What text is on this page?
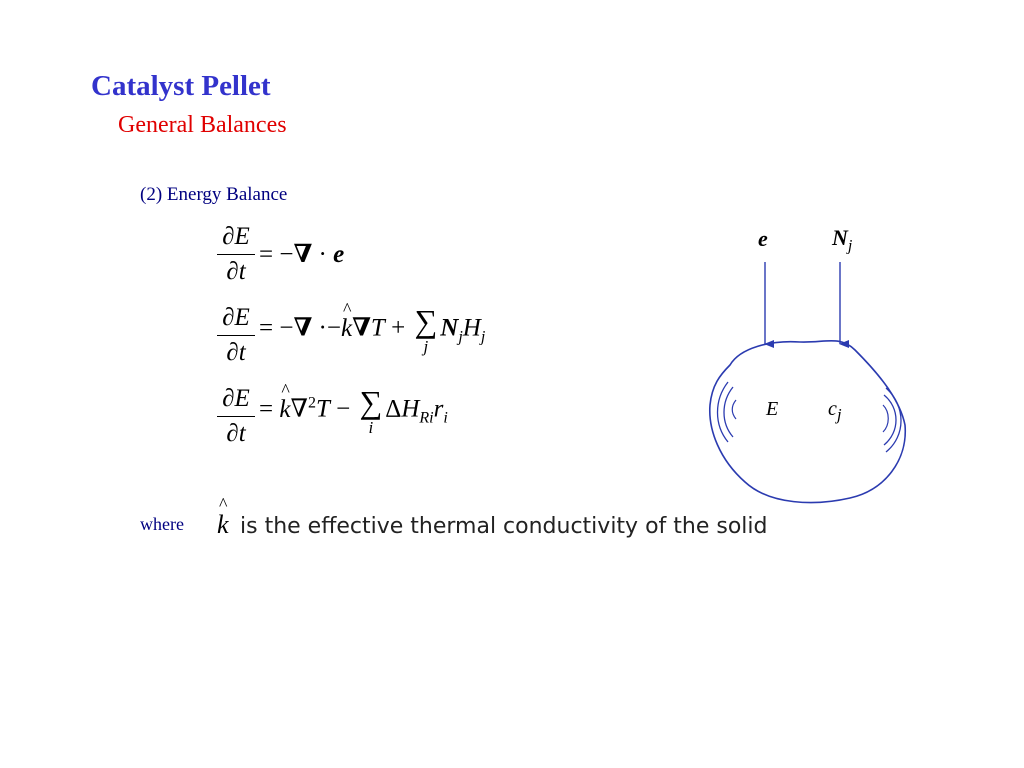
Catalyst Pellet
General Balances
(2) Energy Balance
∂E
∂t
= −∇ · e
∂E
∂t
= −∇ ·−^ k∇T + ∑
j
$N_jH_j$
∂E
∂t
= ^ k∇$^2$T − ∑
i
$\Delta H_{Ri}r_i$
where ^ k is the effective thermal conductivity of the solid
e	$N_j$
E $c_j$
